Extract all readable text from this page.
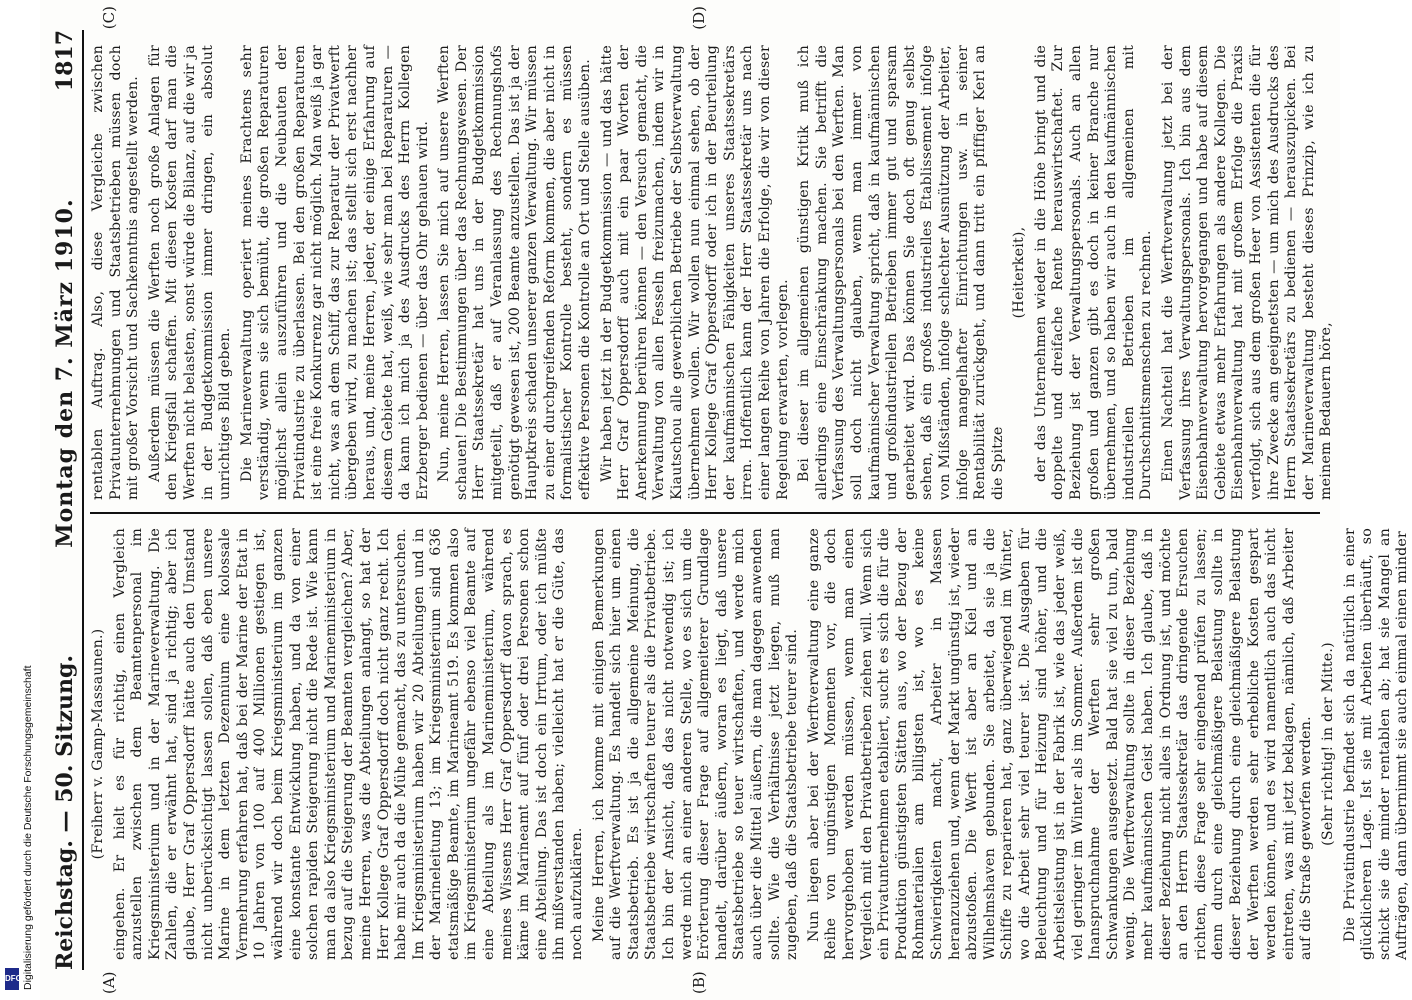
Digitalisierung gefördert durch die Deutsche Forschungsgemeinschaft
DFG
Reichstag. — 50. Sitzung.
Montag den 7. März 1910.
1817
(A)	(B)
(C)	(D)

(Freiherr v. Gamp-Massaunen.) eingehen. Er hielt es für richtig, einen Vergleich anzustellen zwischen dem Beamtenpersonal im Kriegsministerium und in der Marineverwaltung. Die Zahlen, die er erwähnt hat, sind ja richtig; aber ich glaube, Herr Graf Oppersdorff hätte auch den Umstand nicht unberücksichtigt lassen sollen, daß eben unsere Marine in dem letzten Dezennium eine kolossale Vermehrung erfahren hat, daß bei der Marine der Etat in 10 Jahren von 100 auf 400 Millionen gestiegen ist, während wir doch beim Kriegsministerium im ganzen eine konstante Entwicklung haben, und da von einer solchen rapiden Steigerung nicht die Rede ist. Wie kann man da also Kriegsministerium und Marineministerium in bezug auf die Steigerung der Beamten vergleichen? Aber, meine Herren, was die Abteilungen anlangt, so hat der Herr Kollege Graf Oppersdorff doch nicht ganz recht. Ich habe mir auch da die Mühe gemacht, das zu untersuchen. Im Kriegsministerium haben wir 20 Abteilungen und in der Marineleitung 13; im Kriegsministerium sind 636 etatsmäßige Beamte, im Marineamt 519. Es kommen also im Kriegsministerium ungefähr ebenso viel Beamte auf eine Abteilung als im Marineministerium, während meines Wissens Herr Graf Oppersdorff davon sprach, es käme im Marineamt auf fünf oder drei Personen schon eine Abteilung. Das ist doch ein Irrtum, oder ich müßte ihn mißverstanden haben; vielleicht hat er die Güte, das noch aufzuklären. Meine Herren, ich komme mit einigen Bemerkungen auf die Werftverwaltung. Es handelt sich hier um einen Staatsbetrieb. Es ist ja die allgemeine Meinung, die Staatsbetriebe wirtschaften teurer als die Privatbetriebe. Ich bin der Ansicht, daß das nicht notwendig ist; ich werde mich an einer anderen Stelle, wo es sich um die Erörterung dieser Frage auf allgemeiterer Grundlage handelt, darüber äußern, woran es liegt, daß unsere Staatsbetriebe so teuer wirtschaften, und werde mich auch über die Mittel äußern, die man dagegen anwenden sollte. Wie die Verhältnisse jetzt liegen, muß man zugeben, daß die Staatsbetriebe teurer sind. Nun liegen aber bei der Werftverwaltung eine ganze Reihe von ungünstigen Momenten vor, die doch hervorgehoben werden müssen, wenn man einen Vergleich mit den Privatbetrieben ziehen will. Wenn sich ein Privatunternehmen etabliert, sucht es sich die für die Produktion günstigsten Stätten aus, wo der Bezug der Rohmaterialien am billigsten ist, wo es keine Schwierigkeiten macht, Arbeiter in Massen heranzuziehen und, wenn der Markt ungünstig ist, wieder abzustoßen. Die Werft ist aber an Kiel und an Wilhelmshaven gebunden. Sie arbeitet, da sie ja die Schiffe zu reparieren hat, ganz überwiegend im Winter, wo die Arbeit sehr viel teurer ist. Die Ausgaben für Beleuchtung und für Heizung sind höher, und die Arbeitsleistung ist in der Fabrik ist, wie das jeder weiß, viel geringer im Winter als im Sommer. Außerdem ist die Inanspruchnahme der Werften sehr großen Schwankungen ausgesetzt. Bald hat sie viel zu tun, bald wenig. Die Werftverwaltung sollte in dieser Beziehung mehr kaufmännischen Geist haben. Ich glaube, daß in dieser Beziehung nicht alles in Ordnung ist, und möchte an den Herrn Staatssekretär das dringende Ersuchen richten, diese Frage sehr eingehend prüfen zu lassen; denn durch eine gleichmäßigere Belastung sollte in dieser Beziehung durch eine gleichmäßigere Belastung der Werften werden sehr erhebliche Kosten gespart werden können, und es wird namentlich auch das nicht eintreten, was mit jetzt beklagen, nämlich, daß Arbeiter auf die Straße geworfen werden. (Sehr richtig! in der Mitte.) Die Privatindustrie befindet sich da natürlich in einer glücklicheren Lage. Ist sie mit Arbeiten überhäuft, so schickt sie die minder rentablen ab; hat sie Mangel an Aufträgen, dann übernimmt sie auch einmal einen minder

rentablen Auftrag. Also, diese Vergleiche zwischen Privatunternehmungen und Staatsbetrieben müssen doch mit großer Vorsicht und Sachkenntnis angestellt werden. Außerdem müssen die Werften noch große Anlagen für den Kriegsfall schaffen. Mit diesen Kosten darf man die Werften nicht belasten, sonst würde die Bilanz, auf die wir ja in der Budgetkommission immer dringen, ein absolut unrichtiges Bild geben. Die Marineverwaltung operiert meines Erachtens sehr verständig, wenn sie sich bemüht, die großen Reparaturen möglichst allein auszuführen und die Neubauten der Privatindustrie zu überlassen. Bei den großen Reparaturen ist eine freie Konkurrenz gar nicht möglich. Man weiß ja gar nicht, was an dem Schiff, das zur Reparatur der Privatwerft übergeben wird, zu machen ist; das stellt sich erst nachher heraus, und, meine Herren, jeder, der einige Erfahrung auf diesem Gebiete hat, weiß, wie sehr man bei Reparaturen — da kann ich mich ja des Ausdrucks des Herrn Kollegen Erzberger bedienen — über das Ohr gehauen wird. Nun, meine Herren, lassen Sie mich auf unsere Werften schauen! Die Bestimmungen über das Rechnungswesen. Der Herr Staatssekretär hat uns in der Budgetkommission mitgeteilt, daß er auf Veranlassung des Rechnungshofs genötigt gewesen ist, 200 Beamte anzustellen. Das ist ja der Hauptkreis schaden unserer ganzen Verwaltung. Wir müssen zu einer durchgreifenden Reform kommen, die aber nicht in formalistischer Kontrolle besteht, sondern es müssen effektive Personen die Kontrolle an Ort und Stelle ausüben. Wir haben jetzt in der Budgetkommission — und das hätte Herr Graf Oppersdorff auch mit ein paar Worten der Anerkennung berühren können — den Versuch gemacht, die Verwaltung von allen Fesseln freizumachen, indem wir in Kiautschou alle gewerblichen Betriebe der Selbstverwaltung übernehmen wollen. Wir wollen nun einmal sehen, ob der Herr Kollege Graf Oppersdorff oder ich in der Beurteilung der kaufmännischen Fähigkeiten unseres Staatssekretärs irren. Hoffentlich kann der Herr Staatssekretär uns nach einer langen Reihe von Jahren die Erfolge, die wir von dieser Regelung erwarten, vorlegen. Bei dieser im allgemeinen günstigen Kritik muß ich allerdings eine Einschränkung machen. Sie betrifft die Verfassung des Verwaltungspersonals bei den Werften. Man soll doch nicht glauben, wenn man immer von kaufmännischer Verwaltung spricht, daß in kaufmännischen und großindustriellen Betrieben immer gut und sparsam gearbeitet wird. Das können Sie doch oft genug selbst sehen, daß ein großes industrielles Etablissement infolge von Mißständen, infolge schlechter Ausnützung der Arbeiter, infolge mangelhafter Einrichtungen usw. in seiner Rentabilität zurückgeht, und dann tritt ein pfiffiger Kerl an die Spitze

(Heiterkeit), der das Unternehmen wieder in die Höhe bringt und die doppelte und dreifache Rente herauswirtschaftet. Zur Beziehung ist der Verwaltungspersonals. Auch an allen großen und ganzen gibt es doch in keiner Branche nur übernehmen, und so haben wir auch in den kaufmännischen industriellen Betrieben im allgemeinen mit Durchschnittsmenschen zu rechnen. Einen Nachteil hat die Werftverwaltung jetzt bei der Verfassung ihres Verwaltungspersonals. Ich bin aus dem Eisenbahnverwaltung hervorgegangen und habe auf diesem Gebiete etwas mehr Erfahrungen als andere Kollegen. Die Eisenbahnverwaltung hat mit großem Erfolge die Praxis verfolgt, sich aus dem großen Heer von Assistenten die für ihre Zwecke am geeignetsten — um mich des Ausdrucks des Herrn Staatssekretärs zu bedienen — herauszupicken. Bei der Marineverwaltung besteht dieses Prinzip, wie ich zu meinem Bedauern höre,
